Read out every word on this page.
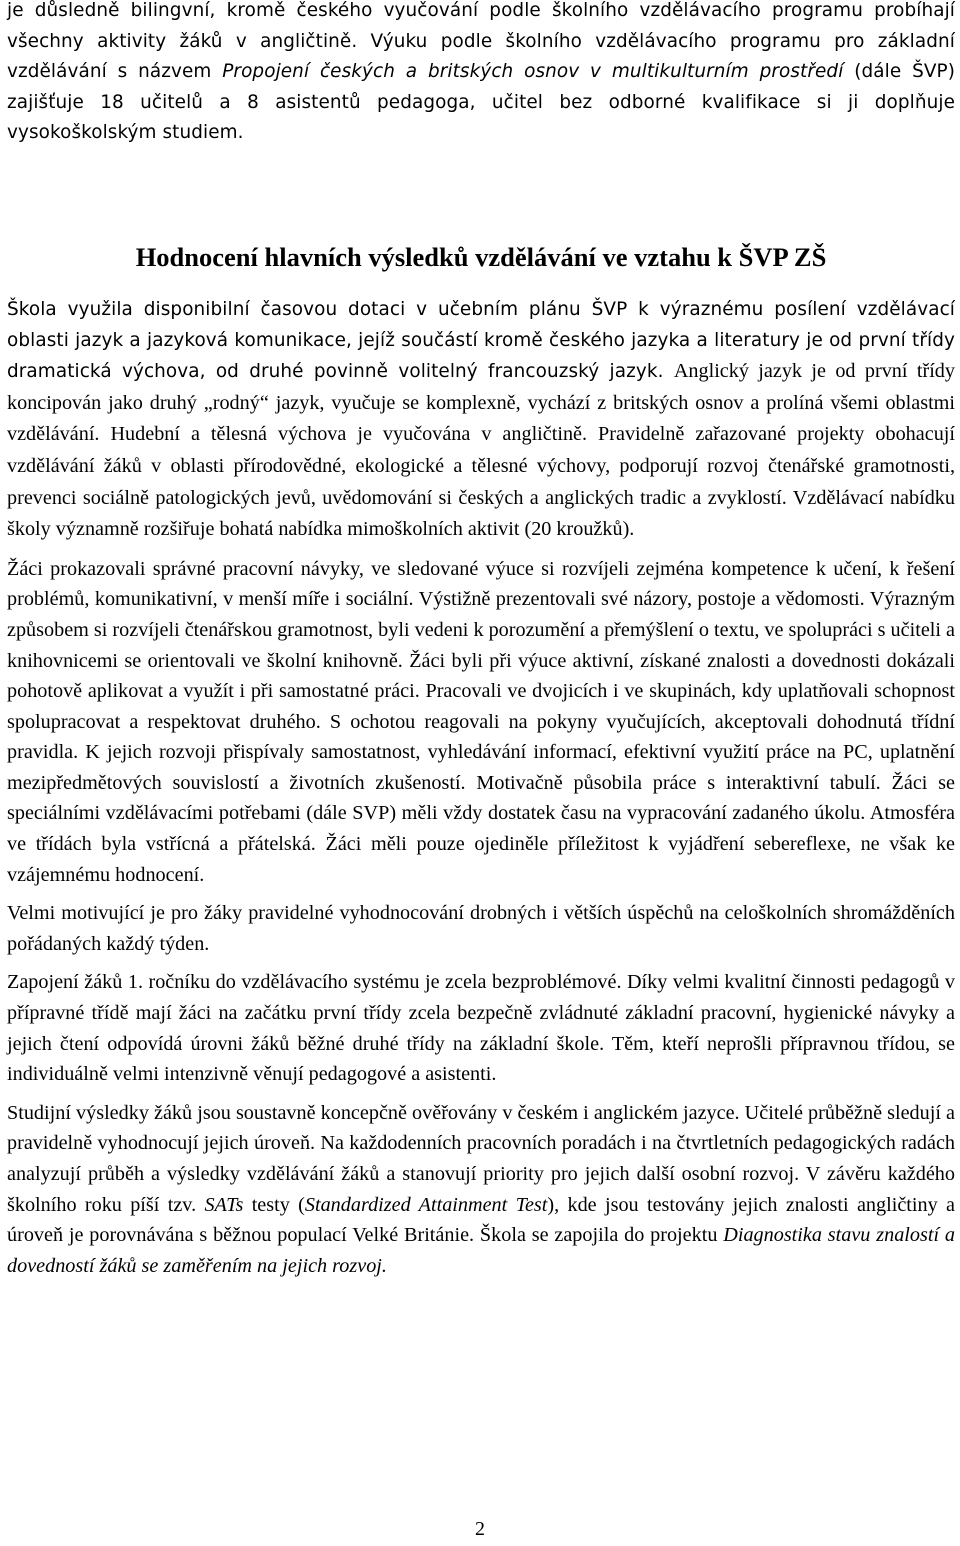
je důsledně bilingvní, kromě českého vyučování podle školního vzdělávacího programu probíhají všechny aktivity žáků v angličtině. Výuku podle školního vzdělávacího programu pro základní vzdělávání s názvem Propojení českých a britských osnov v multikulturním prostředí (dále ŠVP) zajišťuje 18 učitelů a 8 asistentů pedagoga, učitel bez odborné kvalifikace si ji doplňuje vysokoškolským studiem.

Hodnocení hlavních výsledků vzdělávání ve vztahu k ŠVP ZŠ

Škola využila disponibilní časovou dotaci v učebním plánu ŠVP k výraznému posílení vzdělávací oblasti jazyk a jazyková komunikace, jejíž součástí kromě českého jazyka a literatury je od první třídy dramatická výchova, od druhé povinně volitelný francouzský jazyk. Anglický jazyk je od první třídy koncipován jako druhý „rodný“ jazyk, vyučuje se komplexně, vychází z britských osnov a prolíná všemi oblastmi vzdělávání. Hudební a tělesná výchova je vyučována v angličtině. Pravidelně zařazované projekty obohacují vzdělávání žáků v oblasti přírodovědné, ekologické a tělesné výchovy, podporují rozvoj čtenářské gramotnosti, prevenci sociálně patologických jevů, uvědomování si českých a anglických tradic a zvyklostí. Vzdělávací nabídku školy významně rozšiřuje bohatá nabídka mimoškolních aktivit (20 kroužků).

Žáci prokazovali správné pracovní návyky, ve sledované výuce si rozvíjeli zejména kompetence k učení, k řešení problémů, komunikativní, v menší míře i sociální. Výstižně prezentovali své názory, postoje a vědomosti. Výrazným způsobem si rozvíjeli čtenářskou gramotnost, byli vedeni k porozumění a přemýšlení o textu, ve spolupráci s učiteli a knihovnicemi se orientovali ve školní knihovně. Žáci byli při výuce aktivní, získané znalosti a dovednosti dokázali pohotově aplikovat a využít i při samostatné práci. Pracovali ve dvojicích i ve skupinách, kdy uplatňovali schopnost spolupracovat a respektovat druhého. S ochotou reagovali na pokyny vyučujících, akceptovali dohodnutá třídní pravidla. K jejich rozvoji přispívaly samostatnost, vyhledávání informací, efektivní využití práce na PC, uplatnění mezipředmětových souvislostí a životních zkušeností. Motivačně působila práce s interaktivní tabulí. Žáci se speciálními vzdělávacími potřebami (dále SVP) měli vždy dostatek času na vypracování zadaného úkolu. Atmosféra ve třídách byla vstřícná a přátelská. Žáci měli pouze ojediněle příležitost k vyjádření sebereflexe, ne však ke vzájemnému hodnocení.

Velmi motivující je pro žáky pravidelné vyhodnocování drobných i větších úspěchů na celoškolních shromážděních pořádaných každý týden.

Zapojení žáků 1. ročníku do vzdělávacího systému je zcela bezproblémové. Díky velmi kvalitní činnosti pedagogů v přípravné třídě mají žáci na začátku první třídy zcela bezpečně zvládnuté základní pracovní, hygienické návyky a jejich čtení odpovídá úrovni žáků běžné druhé třídy na základní škole. Těm, kteří neprošli přípravnou třídou, se individuálně velmi intenzivně věnují pedagogové a asistenti.

Studijní výsledky žáků jsou soustavně koncepčně ověřovány v českém i anglickém jazyce. Učitelé průběžně sledují a pravidelně vyhodnocují jejich úroveň. Na každodenních pracovních poradách i na čtvrtletních pedagogických radách analyzují průběh a výsledky vzdělávání žáků a stanovují priority pro jejich další osobní rozvoj. V závěru každého školního roku píší tzv. SATs testy (Standardized Attainment Test), kde jsou testovány jejich znalosti angličtiny a úroveň je porovnávána s běžnou populací Velké Británie. Škola se zapojila do projektu Diagnostika stavu znalostí a dovedností žáků se zaměřením na jejich rozvoj.

2
